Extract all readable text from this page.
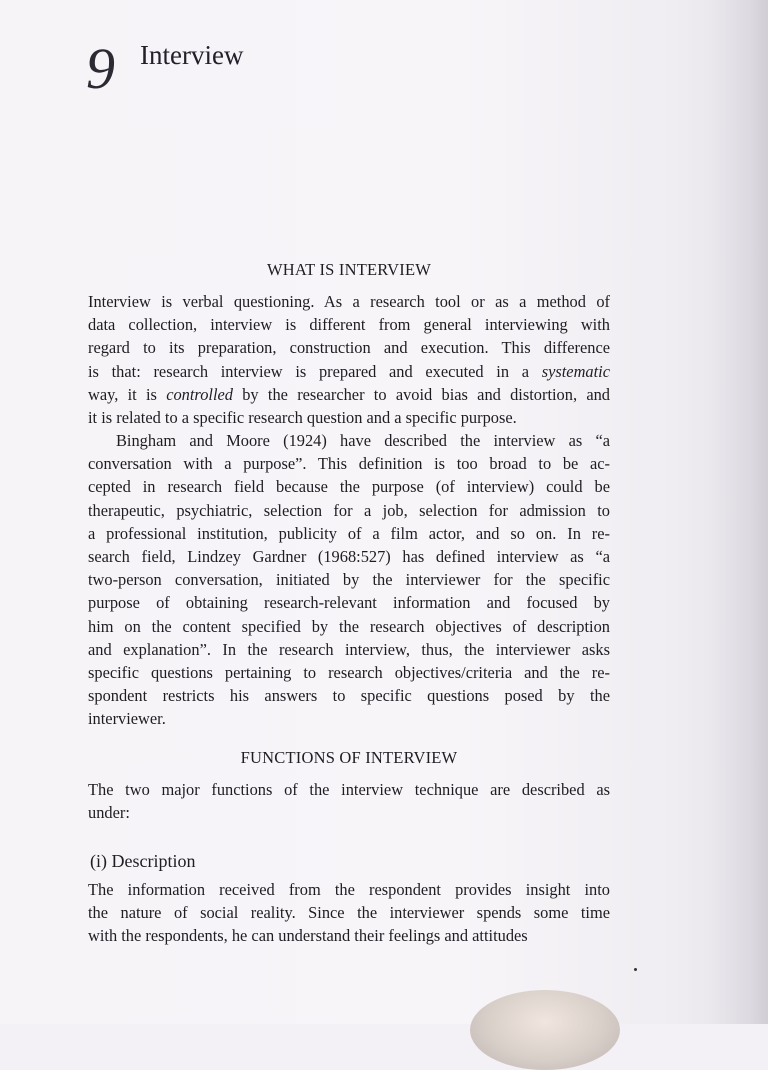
9 Interview
WHAT IS INTERVIEW

Interview is verbal questioning. As a research tool or as a method of
data collection, interview is different from general interviewing with
regard to its preparation, construction and execution. This difference
is that: research interview is prepared and executed in a systematic
way, it is controlled by the researcher to avoid bias and distortion, and
it is related to a specific research question and a specific purpose.

Bingham and Moore (1924) have described the interview as “a
conversation with a purpose”. This definition is too broad to be ac-
cepted in research field because the purpose (of interview) could be
therapeutic, psychiatric, selection for a job, selection for admission to
a professional institution, publicity of a film actor, and so on. In re-
search field, Lindzey Gardner (1968:527) has defined interview as “a
two-person conversation, initiated by the interviewer for the specific
purpose of obtaining research-relevant information and focused by
him on the content specified by the research objectives of description
and explanation”. In the research interview, thus, the interviewer asks
specific questions pertaining to research objectives/criteria and the re-
spondent restricts his answers to specific questions posed by the
interviewer.

FUNCTIONS OF INTERVIEW

The two major functions of the interview technique are described as
under:

(i) Description

The information received from the respondent provides insight into
the nature of social reality. Since the interviewer spends some time
with the respondents, he can understand their feelings and attitudes
